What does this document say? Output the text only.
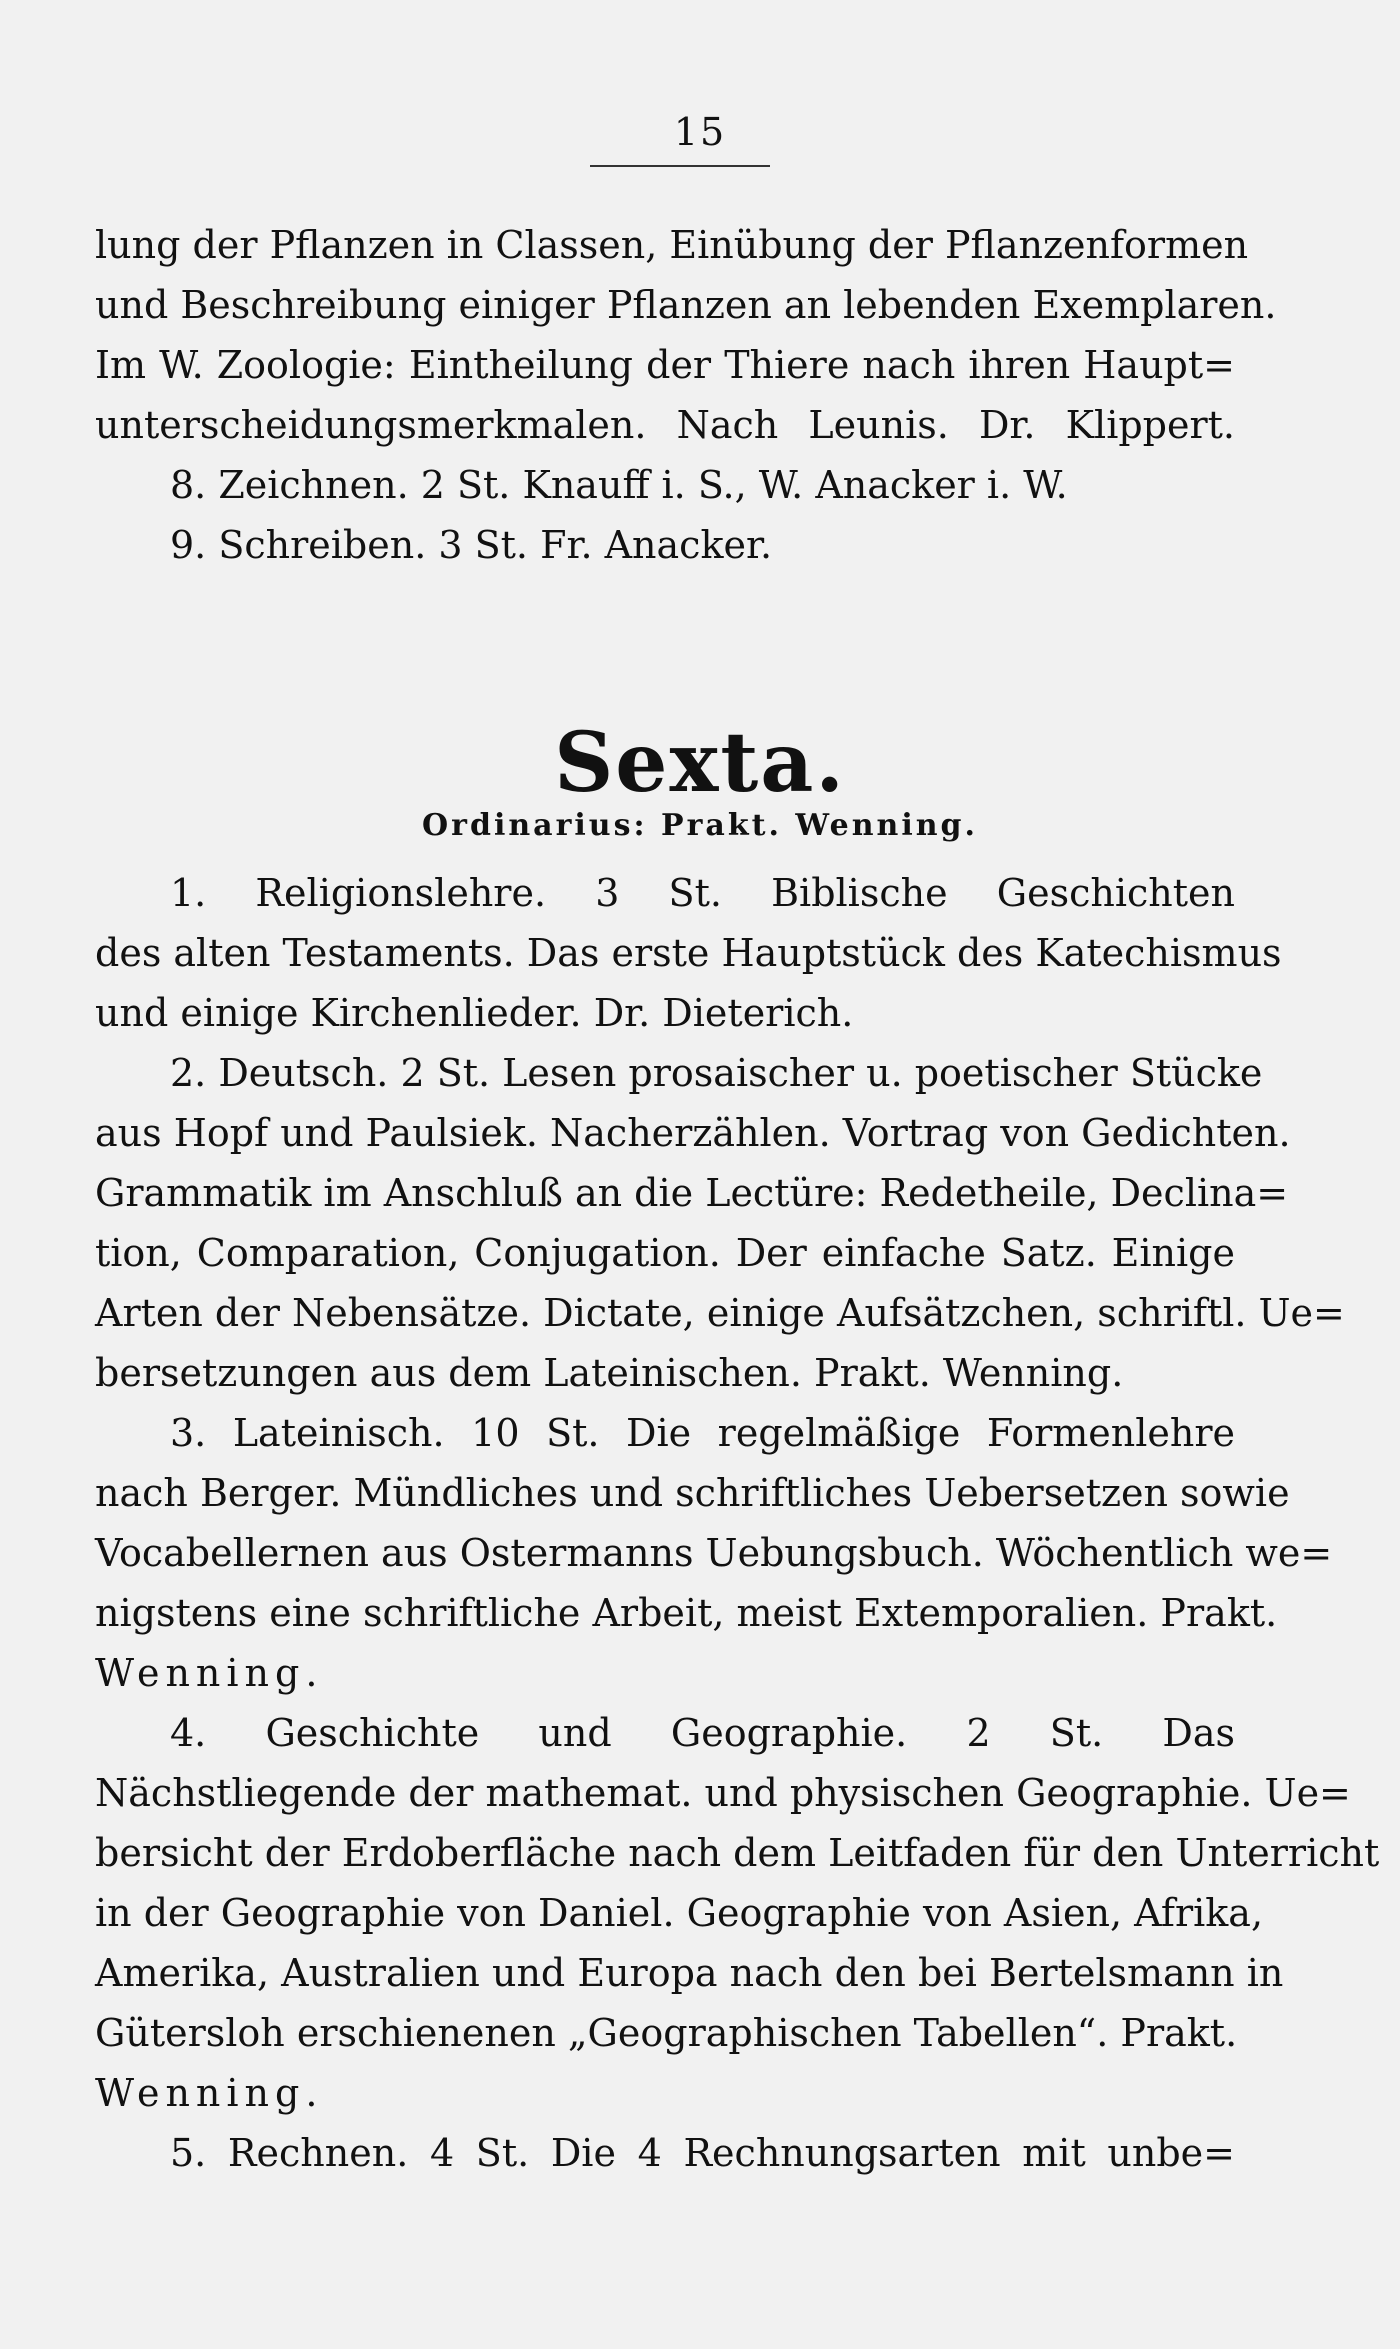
15
lung der Pflanzen in Classen, Einübung der Pflanzenformen
und Beschreibung einiger Pflanzen an lebenden Exemplaren.
Im W. Zoologie: Eintheilung der Thiere nach ihren Haupt=
unterscheidungsmerkmalen. Nach Leunis. Dr. Klippert.
8. Zeichnen. 2 St. Knauff i. S., W. Anacker i. W.
9. Schreiben. 3 St. Fr. Anacker.
Sexta.
Ordinarius: Prakt. Wenning.
1. Religionslehre. 3 St. Biblische Geschichten
des alten Testaments. Das erste Hauptstück des Katechismus
und einige Kirchenlieder. Dr. Dieterich.
2. Deutsch. 2 St. Lesen prosaischer u. poetischer Stücke
aus Hopf und Paulsiek. Nacherzählen. Vortrag von Gedichten.
Grammatik im Anschluß an die Lectüre: Redetheile, Declina=
tion, Comparation, Conjugation. Der einfache Satz. Einige
Arten der Nebensätze. Dictate, einige Aufsätzchen, schriftl. Ue=
bersetzungen aus dem Lateinischen. Prakt. Wenning.
3. Lateinisch. 10 St. Die regelmäßige Formenlehre
nach Berger. Mündliches und schriftliches Uebersetzen sowie
Vocabellernen aus Ostermanns Uebungsbuch. Wöchentlich we=
nigstens eine schriftliche Arbeit, meist Extemporalien. Prakt.
Wenning.
4. Geschichte und Geographie. 2 St. Das
Nächstliegende der mathemat. und physischen Geographie. Ue=
bersicht der Erdoberfläche nach dem Leitfaden für den Unterricht
in der Geographie von Daniel. Geographie von Asien, Afrika,
Amerika, Australien und Europa nach den bei Bertelsmann in
Gütersloh erschienenen „Geographischen Tabellen“. Prakt.
Wenning.
5. Rechnen. 4 St. Die 4 Rechnungsarten mit unbe=
